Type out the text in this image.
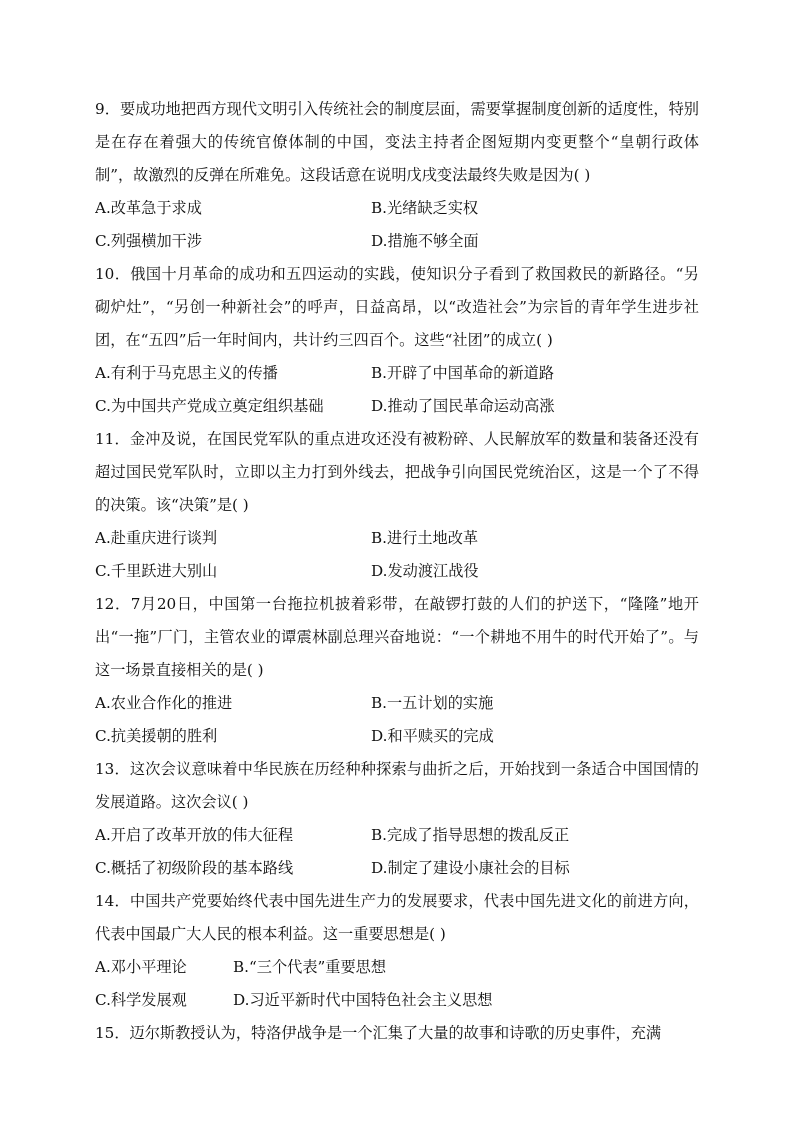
9．要成功地把西方现代文明引入传统社会的制度层面，需要掌握制度创新的适度性，特别是在存在着强大的传统官僚体制的中国，变法主持者企图短期内变更整个“皇朝行政体制”，故激烈的反弹在所难免。这段话意在说明戊戌变法最终失败是因为( )

A.改革急于求成	B.光绪缺乏实权
C.列强横加干涉	D.措施不够全面

10．俄国十月革命的成功和五四运动的实践，使知识分子看到了救国救民的新路径。“另砌炉灶”，“另创一种新社会”的呼声，日益高昂，以“改造社会”为宗旨的青年学生进步社团，在“五四”后一年时间内，共计约三四百个。这些“社团”的成立( )

A.有利于马克思主义的传播	B.开辟了中国革命的新道路
C.为中国共产党成立奠定组织基础	D.推动了国民革命运动高涨

11．金冲及说，在国民党军队的重点进攻还没有被粉碎、人民解放军的数量和装备还没有超过国民党军队时，立即以主力打到外线去，把战争引向国民党统治区，这是一个了不得的决策。该“决策”是( )

A.赴重庆进行谈判	B.进行土地改革
C.千里跃进大别山	D.发动渡江战役

12．7月20日，中国第一台拖拉机披着彩带，在敲锣打鼓的人们的护送下，“隆隆”地开出“一拖”厂门，主管农业的谭震林副总理兴奋地说：“一个耕地不用牛的时代开始了”。与这一场景直接相关的是( )

A.农业合作化的推进	B.一五计划的实施
C.抗美援朝的胜利	D.和平赎买的完成

13．这次会议意味着中华民族在历经种种探索与曲折之后，开始找到一条适合中国国情的发展道路。这次会议( )

A.开启了改革开放的伟大征程	B.完成了指导思想的拨乱反正
C.概括了初级阶段的基本路线	D.制定了建设小康社会的目标

14．中国共产党要始终代表中国先进生产力的发展要求，代表中国先进文化的前进方向，代表中国最广大人民的根本利益。这一重要思想是( )

A.邓小平理论	B.“三个代表”重要思想
C.科学发展观	D.习近平新时代中国特色社会主义思想

15．迈尔斯教授认为，特洛伊战争是一个汇集了大量的故事和诗歌的历史事件，充满
